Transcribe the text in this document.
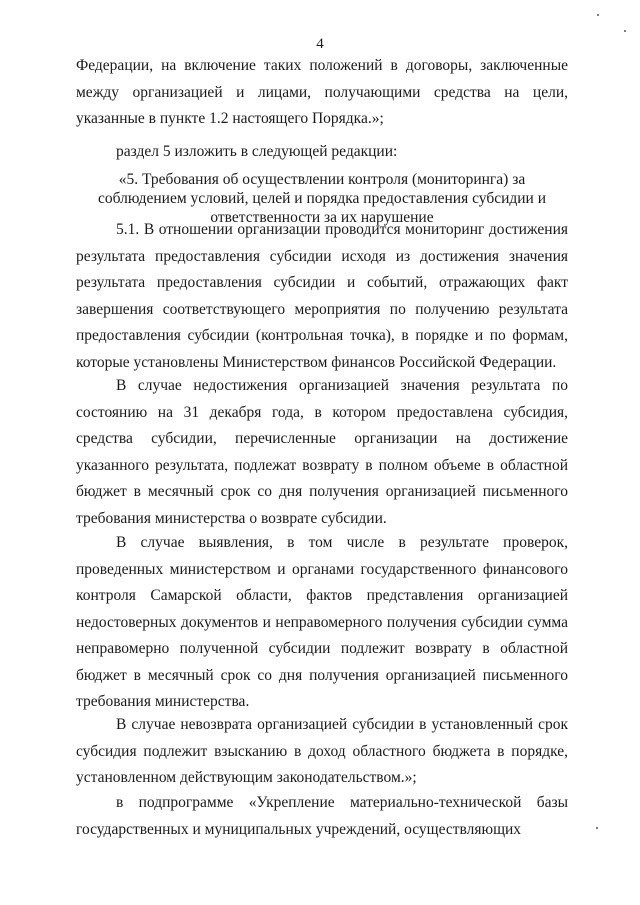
4

Федерации, на включение таких положений в договоры, заключенные между организацией и лицами, получающими средства на цели, указанные в пункте 1.2 настоящего Порядка.»;

раздел 5 изложить в следующей редакции:

«5. Требования об осуществлении контроля (мониторинга) за соблюдением условий, целей и порядка предоставления субсидии и ответственности за их нарушение

5.1. В отношении организации проводится мониторинг достижения результата предоставления субсидии исходя из достижения значения результата предоставления субсидии и событий, отражающих факт завершения соответствующего мероприятия по получению результата предоставления субсидии (контрольная точка), в порядке и по формам, которые установлены Министерством финансов Российской Федерации.

В случае недостижения организацией значения результата по состоянию на 31 декабря года, в котором предоставлена субсидия, средства субсидии, перечисленные организации на достижение указанного результата, подлежат возврату в полном объеме в областной бюджет в месячный срок со дня получения организацией письменного требования министерства о возврате субсидии.

В случае выявления, в том числе в результате проверок, проведенных министерством и органами государственного финансового контроля Самарской области, фактов представления организацией недостоверных документов и неправомерного получения субсидии сумма неправомерно полученной субсидии подлежит возврату в областной бюджет в месячный срок со дня получения организацией письменного требования министерства.

В случае невозврата организацией субсидии в установленный срок субсидия подлежит взысканию в доход областного бюджета в порядке, установленном действующим законодательством.»;

в подпрограмме «Укрепление материально-технической базы государственных и муниципальных учреждений, осуществляющих
